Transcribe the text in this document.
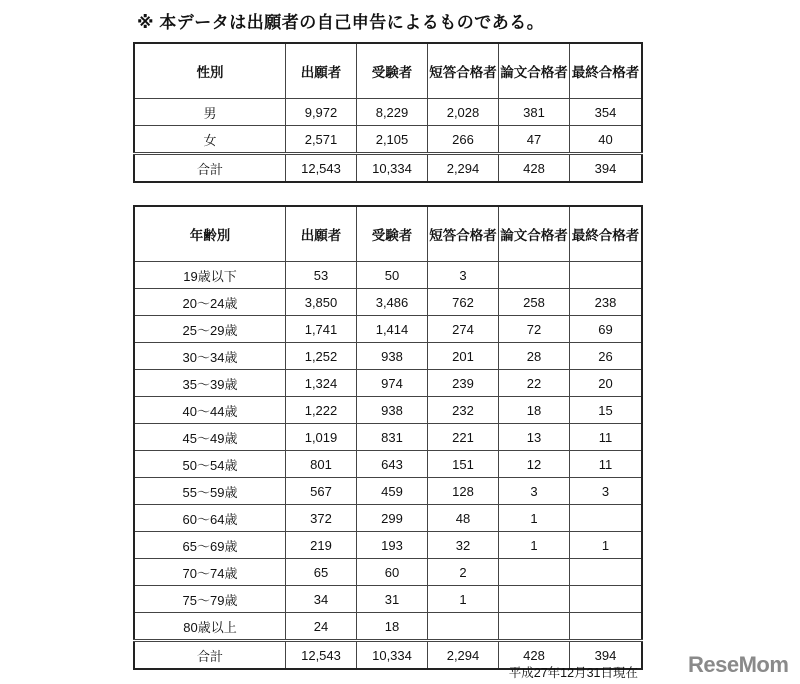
※ 本データは出願者の自己申告によるものである。
性別	出願者	受験者	短答合格者	論文合格者	最終合格者
男	9,972	8,229	2,028	381	354
女	2,571	2,105	266	47	40
合計	12,543	10,334	2,294	428	394
年齢別	出願者	受験者	短答合格者	論文合格者	最終合格者
19歳以下	53	50	3		
20～24歳	3,850	3,486	762	258	238
25～29歳	1,741	1,414	274	72	69
30～34歳	1,252	938	201	28	26
35～39歳	1,324	974	239	22	20
40～44歳	1,222	938	232	18	15
45～49歳	1,019	831	221	13	11
50～54歳	801	643	151	12	11
55～59歳	567	459	128	3	3
60～64歳	372	299	48	1	
65～69歳	219	193	32	1	1
70～74歳	65	60	2		
75～79歳	34	31	1		
80歳以上	24	18			
合計	12,543	10,334	2,294	428	394
平成27年12月31日現在 ReseMom
